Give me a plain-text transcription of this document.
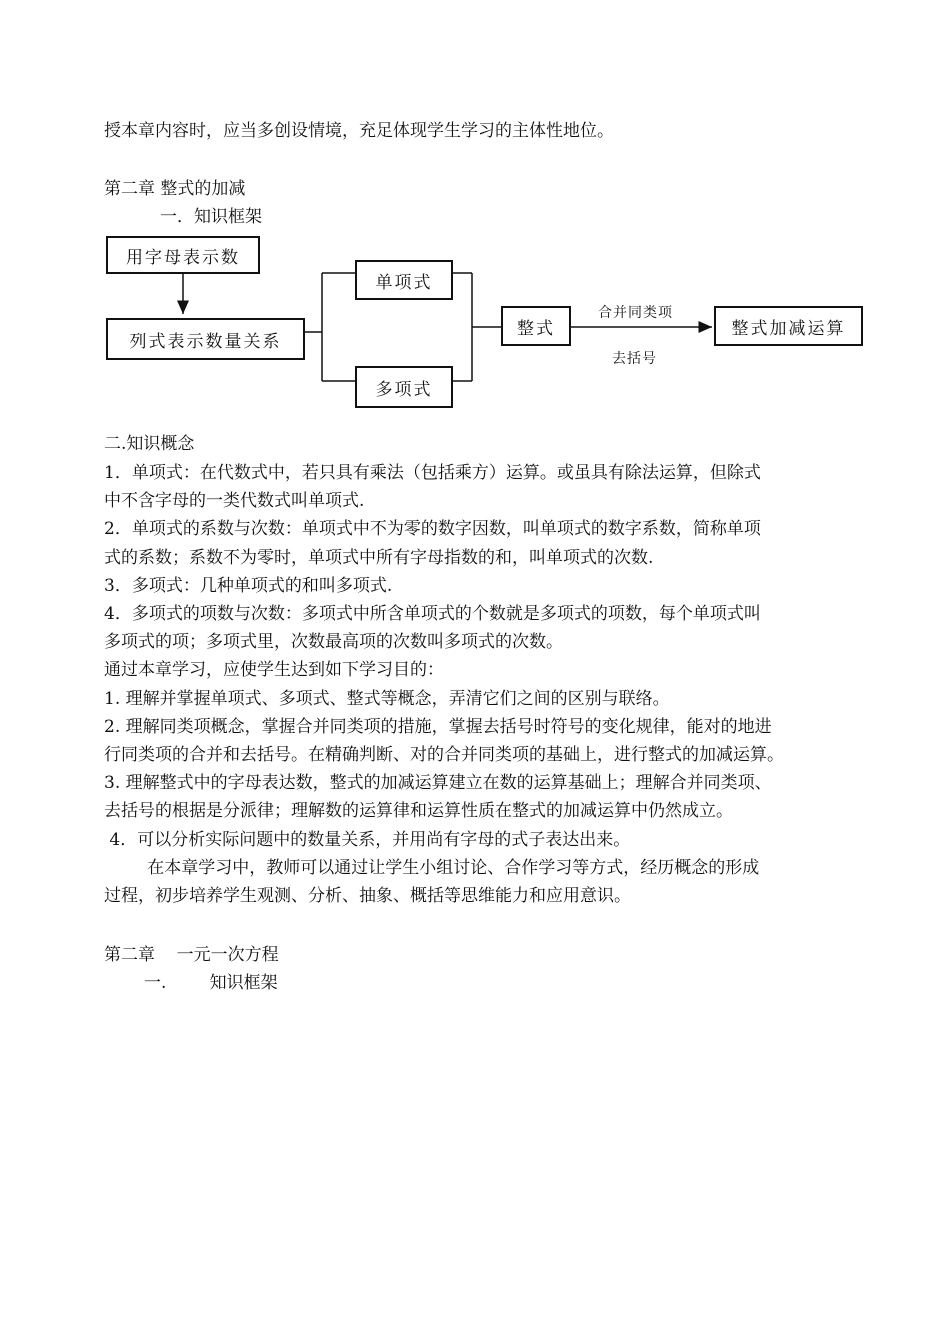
授本章内容时，应当多创设情境，充足体现学生学习的主体性地位。
第二章 整式的加减
一．知识框架
用字母表示数
列式表示数量关系
单项式
多项式
整式	整式加减运算
合并同类项
去括号
二.知识概念
1．单项式：在代数式中，若只具有乘法（包括乘方）运算。或虽具有除法运算，但除式
中不含字母的一类代数式叫单项式.
2．单项式的系数与次数：单项式中不为零的数字因数，叫单项式的数字系数，简称单项
式的系数；系数不为零时，单项式中所有字母指数的和，叫单项式的次数.
3．多项式：几种单项式的和叫多项式.
4．多项式的项数与次数：多项式中所含单项式的个数就是多项式的项数，每个单项式叫
多项式的项；多项式里，次数最高项的次数叫多项式的次数。
通过本章学习，应使学生达到如下学习目的：
1. 理解并掌握单项式、多项式、整式等概念，弄清它们之间的区别与联络。
2. 理解同类项概念，掌握合并同类项的措施，掌握去括号时符号的变化规律，能对的地进
行同类项的合并和去括号。在精确判断、对的合并同类项的基础上，进行整式的加减运算。
3. 理解整式中的字母表达数，整式的加减运算建立在数的运算基础上；理解合并同类项、
去括号的根据是分派律；理解数的运算律和运算性质在整式的加减运算中仍然成立。
4．可以分析实际问题中的数量关系，并用尚有字母的式子表达出来。
在本章学习中，教师可以通过让学生小组讨论、合作学习等方式，经历概念的形成
过程，初步培养学生观测、分析、抽象、概括等思维能力和应用意识。
第二章    一元一次方程
一.        知识框架
